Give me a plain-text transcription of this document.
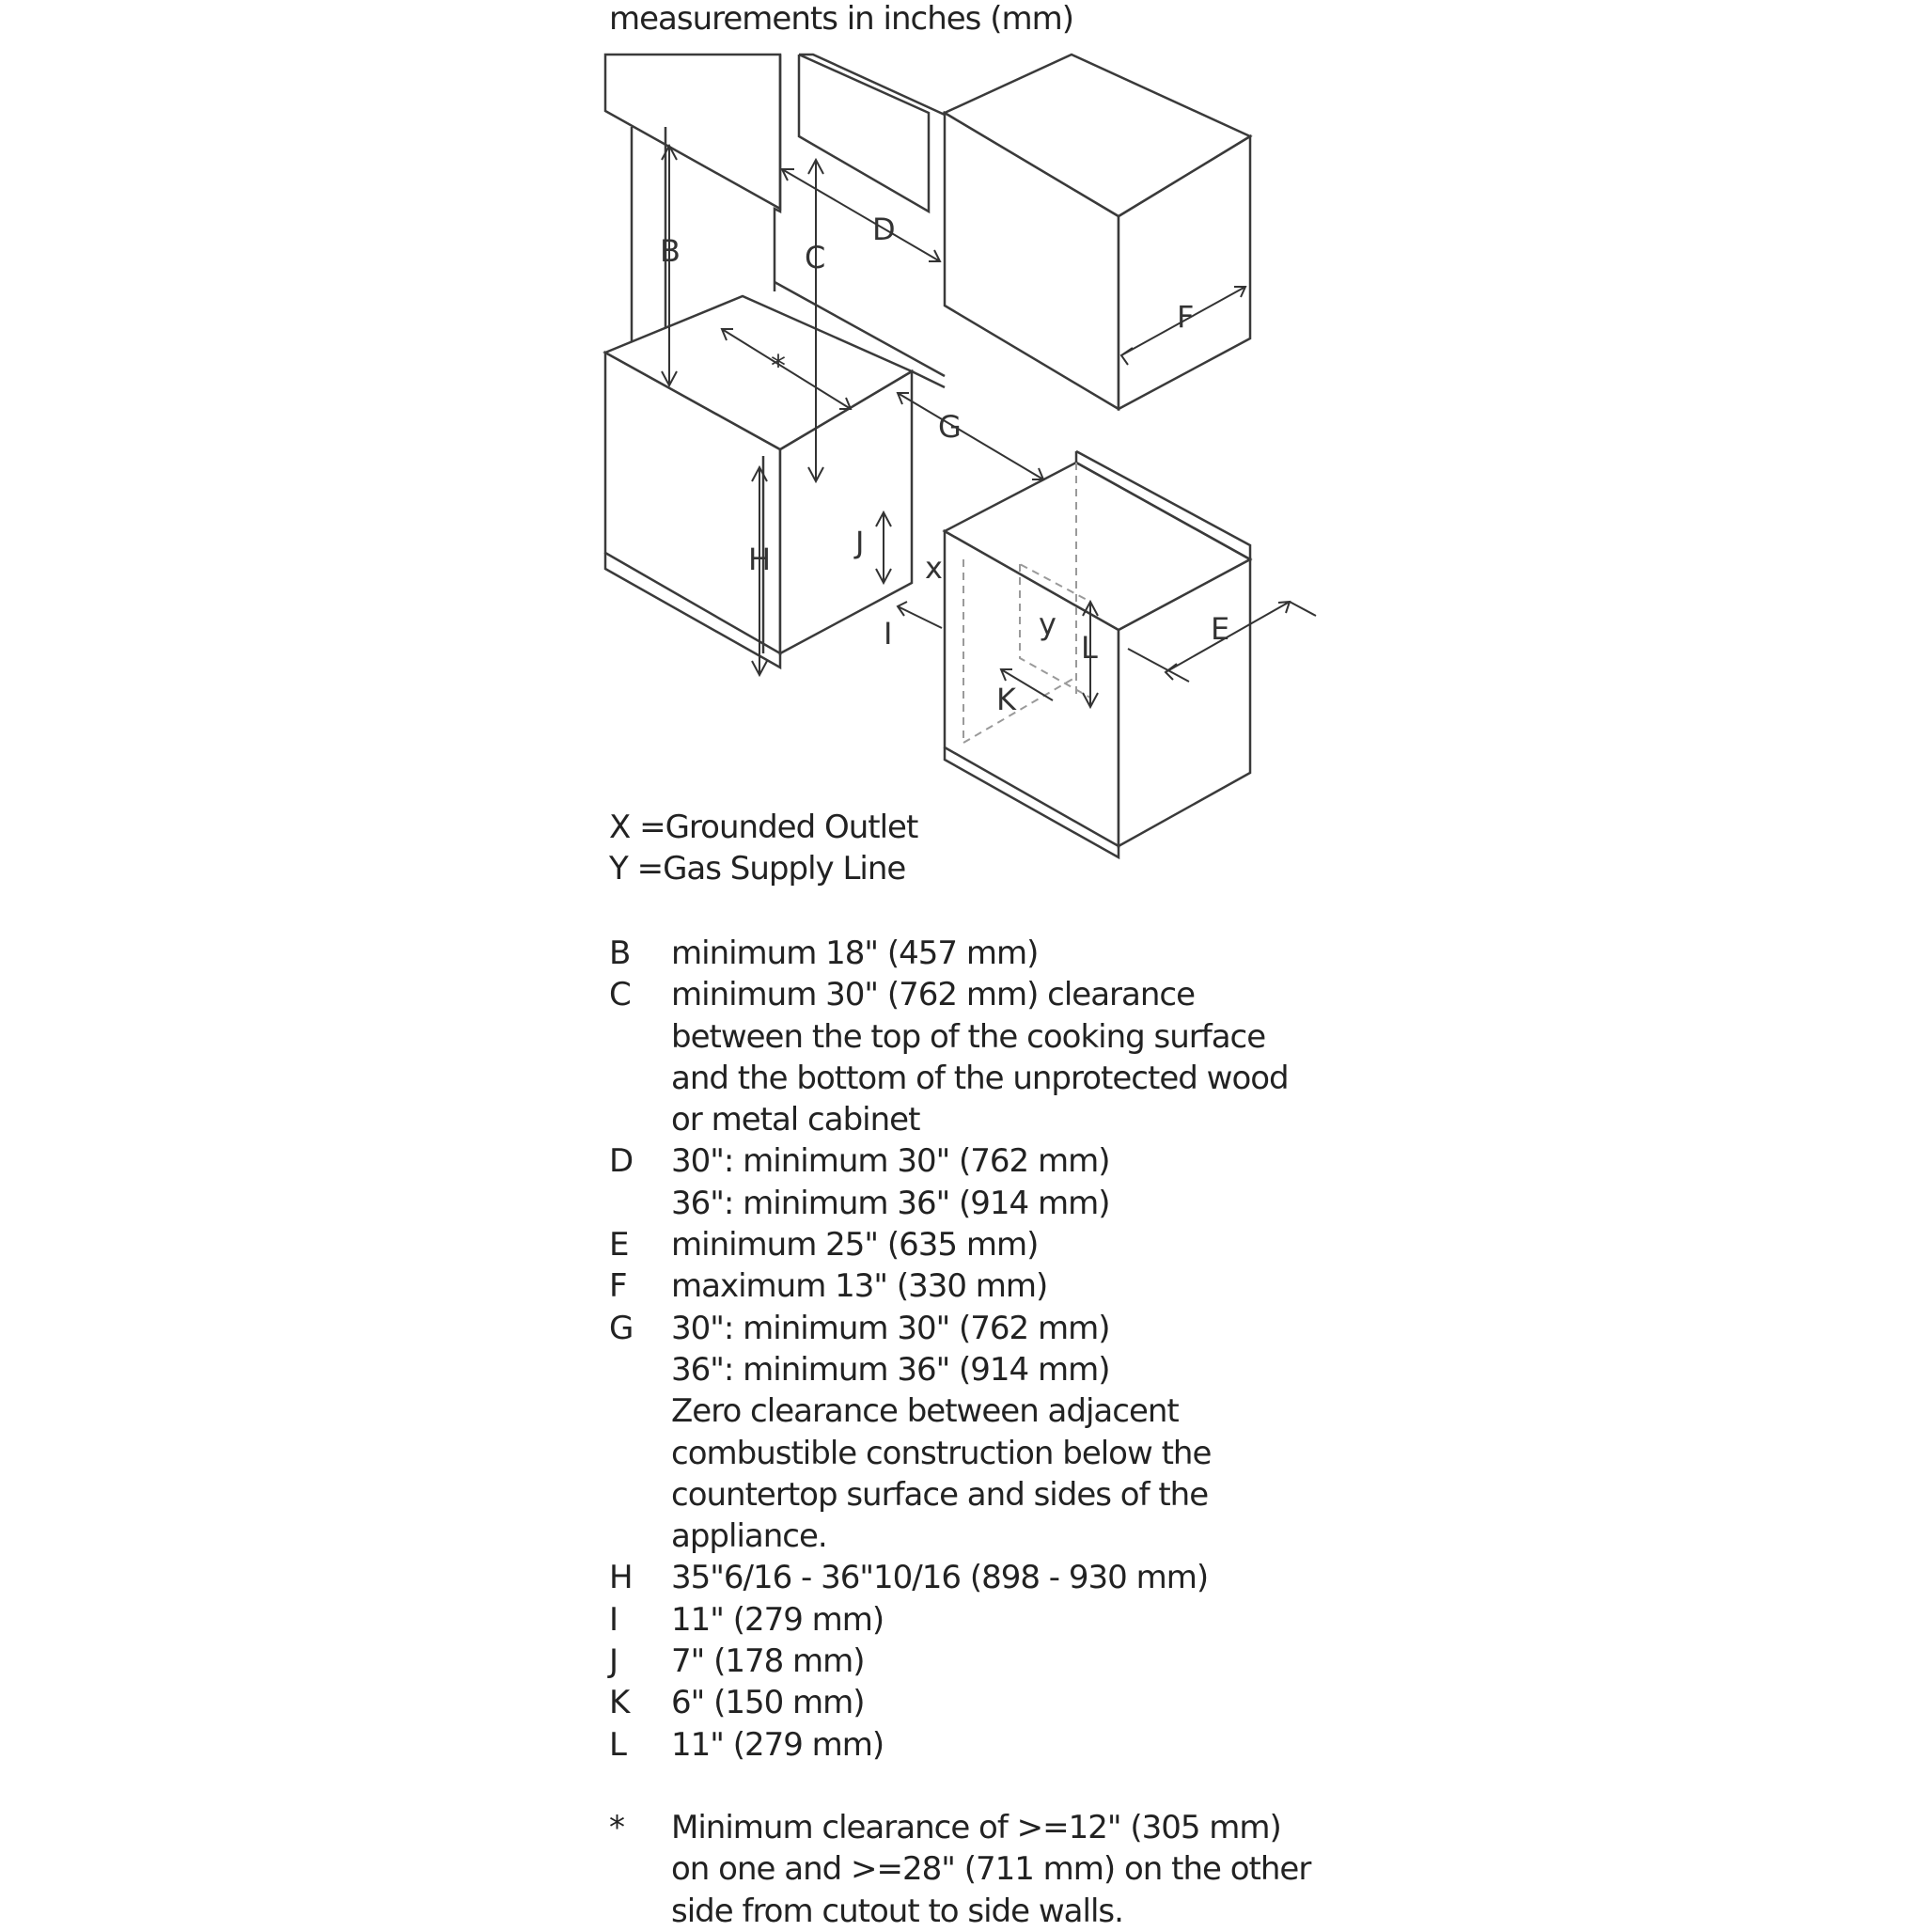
measurements in inches (mm)
B	C
D
F
*
G
H	J
x
I	y
L
K
E
X =Grounded Outlet
Y =Gas Supply Line
B	minimum 18" (457 mm)
C	minimum 30" (762 mm) clearance
between the top of the cooking surface
and the bottom of the unprotected wood
or metal cabinet
D	30": minimum 30" (762 mm)
36": minimum 36" (914 mm)
E	minimum 25" (635 mm)
F	maximum 13" (330 mm)
G	30": minimum 30" (762 mm)
36": minimum 36" (914 mm)
Zero clearance between adjacent
combustible construction below the
countertop surface and sides of the
appliance.
H	35"6/16 - 36"10/16 (898 - 930 mm)
I	11" (279 mm)
J	7" (178 mm)
K	6" (150 mm)
L	11" (279 mm)
*	Minimum clearance of >=12" (305 mm)
on one and >=28" (711 mm) on the other
side from cutout to side walls.
